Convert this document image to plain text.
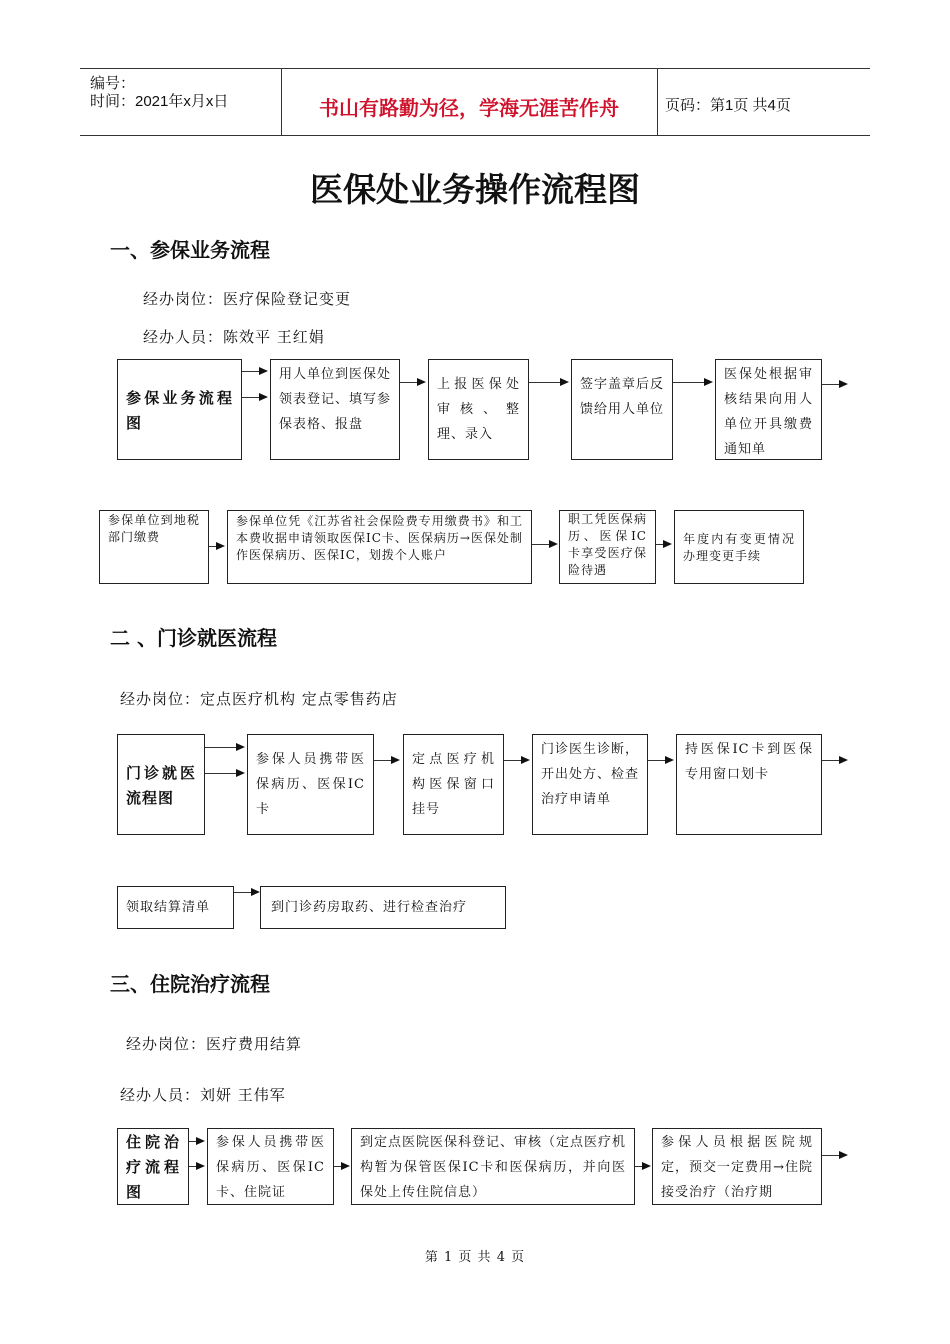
编号：
时间：2021年x月x日	书山有路勤为径，学海无涯苦作舟	页码：第1页 共4页
医保处业务操作流程图
一、参保业务流程
经办岗位：医疗保险登记变更
经办人员：陈效平 王红娟
参保业务流程图
用人单位到医保处领表登记、填写参保表格、报盘
上报医保处审核、整理、录入
签字盖章后反馈给用人单位
医保处根据审核结果向用人单位开具缴费通知单
参保单位到地税部门缴费
参保单位凭《江苏省社会保险费专用缴费书》和工本费收据申请领取医保IC卡、医保病历→医保处制作医保病历、医保IC，划拨个人账户
职工凭医保病历、医保IC卡享受医疗保险待遇
年度内有变更情况办理变更手续
二 、门诊就医流程
经办岗位：定点医疗机构 定点零售药店
门诊就医流程图
参保人员携带医保病历、医保IC卡
定点医疗机构医保窗口挂号
门诊医生诊断，开出处方、检查治疗申请单
持医保IC卡到医保专用窗口划卡
领取结算清单	到门诊药房取药、进行检查治疗
三、住院治疗流程
经办岗位：医疗费用结算
经办人员：刘妍 王伟军
住院治疗流程图
参保人员携带医保病历、医保IC卡、住院证
到定点医院医保科登记、审核（定点医疗机构暂为保管医保IC卡和医保病历，并向医保处上传住院信息）
参保人员根据医院规定，预交一定费用→住院接受治疗（治疗期
第 1 页 共 4 页
